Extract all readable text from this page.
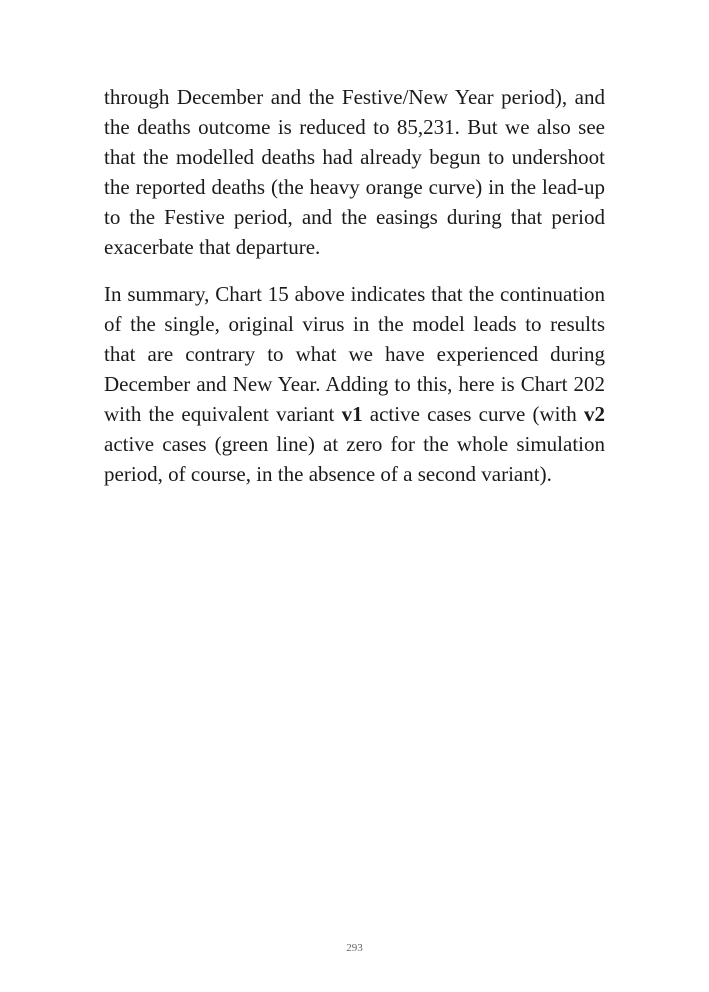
through December and the Festive/New Year period), and the deaths outcome is reduced to 85,231. But we also see that the modelled deaths had already begun to undershoot the reported deaths (the heavy orange curve) in the lead-up to the Festive period, and the easings during that period exacerbate that departure.

In summary, Chart 15 above indicates that the continuation of the single, original virus in the model leads to results that are contrary to what we have experienced during December and New Year. Adding to this, here is Chart 202 with the equivalent variant v1 active cases curve (with v2 active cases (green line) at zero for the whole simulation period, of course, in the absence of a second variant).

293
